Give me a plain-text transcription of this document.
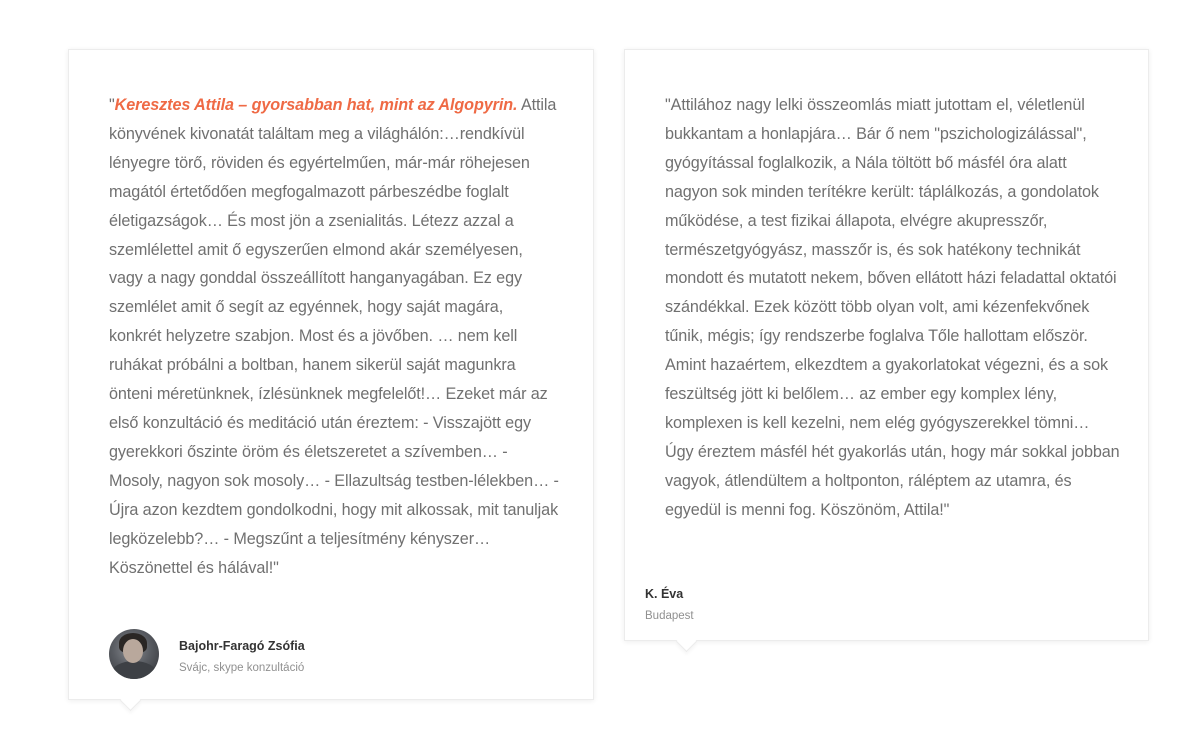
"Keresztes Attila – gyorsabban hat, mint az Algopyrin. Attila könyvének kivonatát találtam meg a világhálón:…rendkívül lényegre törő, röviden és egyértelműen, már-már röhejesen magától értetődően megfogalmazott párbeszédbe foglalt életigazságok… És most jön a zsenialitás. Létezz azzal a szemlélettel amit ő egyszerűen elmond akár személyesen, vagy a nagy gonddal összeállított hanganyagában. Ez egy szemlélet amit ő segít az egyénnek, hogy saját magára, konkrét helyzetre szabjon. Most és a jövőben. … nem kell ruhákat próbálni a boltban, hanem sikerül saját magunkra önteni méretünknek, ízlésünknek megfelelőt!… Ezeket már az első konzultáció és meditáció után éreztem: - Visszajött egy gyerekkori őszinte öröm és életszeretet a szívemben… - Mosoly, nagyon sok mosoly… - Ellazultság testben-lélekben… - Újra azon kezdtem gondolkodni, hogy mit alkossak, mit tanuljak legközelebb?… - Megszűnt a teljesítmény kényszer… Köszönettel és hálával!"

Bajohr-Faragó Zsófia
Svájc, skype konzultáció

"Attilához nagy lelki összeomlás miatt jutottam el, véletlenül bukkantam a honlapjára… Bár ő nem "pszichologizálással", gyógyítással foglalkozik, a Nála töltött bő másfél óra alatt nagyon sok minden terítékre került: táplálkozás, a gondolatok működése, a test fizikai állapota, elvégre akupresszőr, természetgyógyász, masszőr is, és sok hatékony technikát mondott és mutatott nekem, bőven ellátott házi feladattal oktatói szándékkal. Ezek között több olyan volt, ami kézenfekvőnek tűnik, mégis; így rendszerbe foglalva Tőle hallottam először. Amint hazaértem, elkezdtem a gyakorlatokat végezni, és a sok feszültség jött ki belőlem… az ember egy komplex lény, komplexen is kell kezelni, nem elég gyógyszerekkel tömni… Úgy éreztem másfél hét gyakorlás után, hogy már sokkal jobban vagyok, átlendültem a holtponton, ráléptem az utamra, és egyedül is menni fog. Köszönöm, Attila!"

K. Éva
Budapest
